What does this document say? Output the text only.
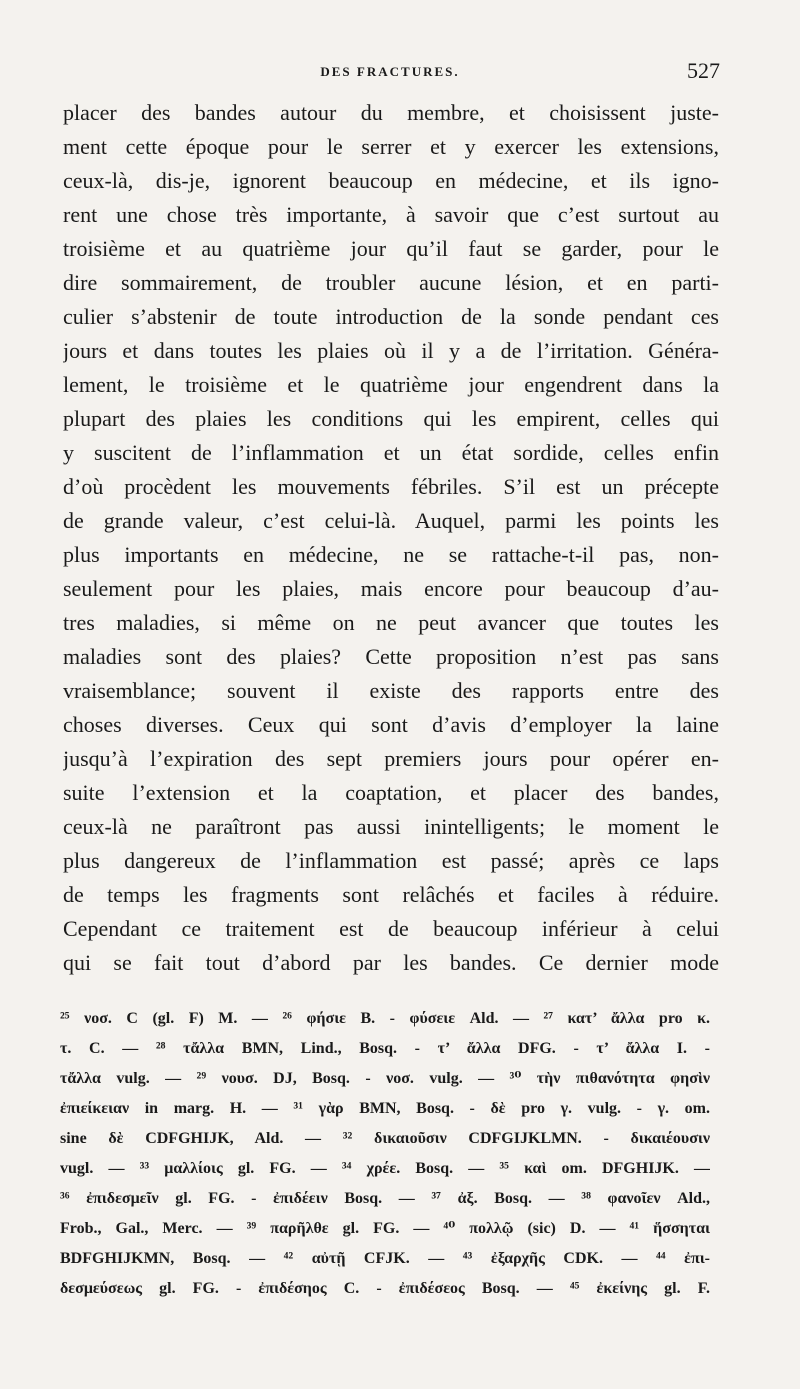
DES FRACTURES.	527
placer des bandes autour du membre, et choisissent juste-
ment cette époque pour le serrer et y exercer les extensions,
ceux-là, dis-je, ignorent beaucoup en médecine, et ils igno-
rent une chose très importante, à savoir que c’est surtout au
troisième et au quatrième jour qu’il faut se garder, pour le
dire sommairement, de troubler aucune lésion, et en parti-
culier s’abstenir de toute introduction de la sonde pendant ces
jours et dans toutes les plaies où il y a de l’irritation. Généra-
lement, le troisième et le quatrième jour engendrent dans la
plupart des plaies les conditions qui les empirent, celles qui
y suscitent de l’inflammation et un état sordide, celles enfin
d’où procèdent les mouvements fébriles. S’il est un précepte
de grande valeur, c’est celui-là. Auquel, parmi les points les
plus importants en médecine, ne se rattache-t-il pas, non-
seulement pour les plaies, mais encore pour beaucoup d’au-
tres maladies, si même on ne peut avancer que toutes les
maladies sont des plaies? Cette proposition n’est pas sans
vraisemblance; souvent il existe des rapports entre des
choses diverses. Ceux qui sont d’avis d’employer la laine
jusqu’à l’expiration des sept premiers jours pour opérer en-
suite l’extension et la coaptation, et placer des bandes,
ceux-là ne paraîtront pas aussi inintelligents; le moment le
plus dangereux de l’inflammation est passé; après ce laps
de temps les fragments sont relâchés et faciles à réduire.
Cependant ce traitement est de beaucoup inférieur à celui
qui se fait tout d’abord par les bandes. Ce dernier mode
²⁵ νοσ. C (gl. F) M. — ²⁶ φήσιε B. - φύσειε Ald. — ²⁷ κατ’ ἄλλα pro κ.
τ. C. — ²⁸ τἄλλα BMN, Lind., Bosq. - τ’ ἄλλα DFG. - τ’ ἄλλα I. -
τἄλλα vulg. — ²⁹ νουσ. DJ, Bosq. - νοσ. vulg. — ³⁰ τὴν πιθανότητα φησὶν
ἐπιείκειαν in marg. H. — ³¹ γὰρ BMN, Bosq. - δὲ pro γ. vulg. - γ. om.
sine δὲ CDFGHIJK, Ald. — ³² δικαιοῦσιν CDFGIJKLMN. - δικαιέουσιν
vugl. — ³³ μαλλίοις gl. FG. — ³⁴ χρέε. Bosq. — ³⁵ καὶ om. DFGHIJK. —
³⁶ ἐπιδεσμεῖν gl. FG. - ἐπιδέειν Bosq. — ³⁷ ἀξ. Bosq. — ³⁸ φανοῖεν Ald.,
Frob., Gal., Merc. — ³⁹ παρῆλθε gl. FG. — ⁴⁰ πολλῷ (sic) D. — ⁴¹ ἥσσηται
BDFGHIJKMN, Bosq. — ⁴² αὐτῇ CFJK. — ⁴³ ἐξαρχῆς CDK. — ⁴⁴ ἐπι-
δεσμεύσεως gl. FG. - ἐπιδέσηος C. - ἐπιδέσεος Bosq. — ⁴⁵ ἐκείνης gl. F.
